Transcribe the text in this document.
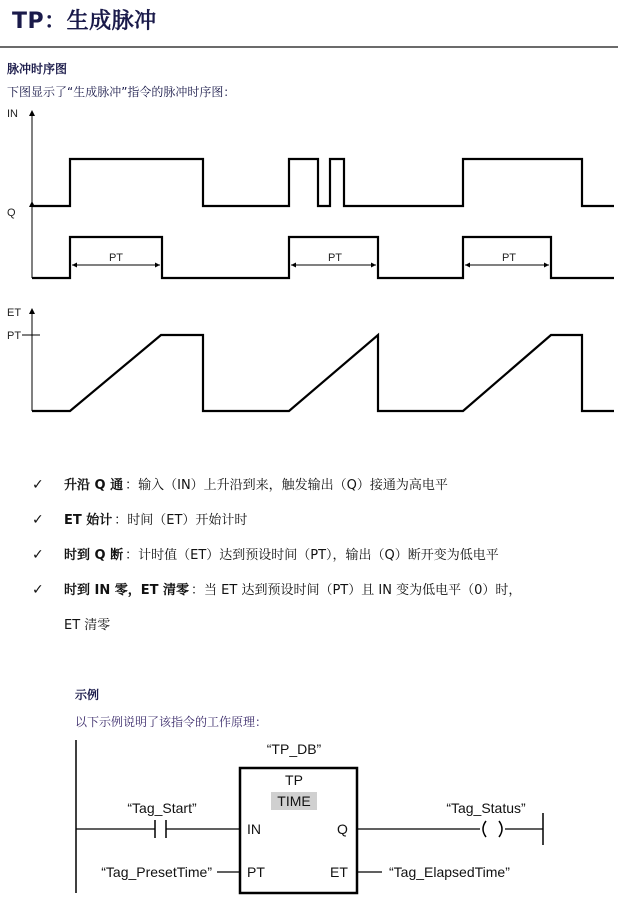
TP：生成脉冲
脉冲时序图
下图显示了“生成脉冲”指令的脉冲时序图：
IN
Q
PT	PT	PT
ET
PT
✓	升沿 Q 通 ：输入（IN）上升沿到来，触发输出（Q）接通为高电平
✓	ET 始计 ：时间（ET）开始计时
✓	时到 Q 断 ：计时值（ET）达到预设时间（PT），输出（Q）断开变为低电平
✓	时到 IN 零，ET 清零 ：当 ET 达到预设时间（PT）且 IN 变为低电平（0）时，
ET 清零
示例
以下示例说明了该指令的工作原理：
“TP_DB”
TP
TIME
IN	Q
PT	ET
“Tag_Start”
“Tag_PresetTime”
“Tag_Status”
“Tag_ElapsedTime”
